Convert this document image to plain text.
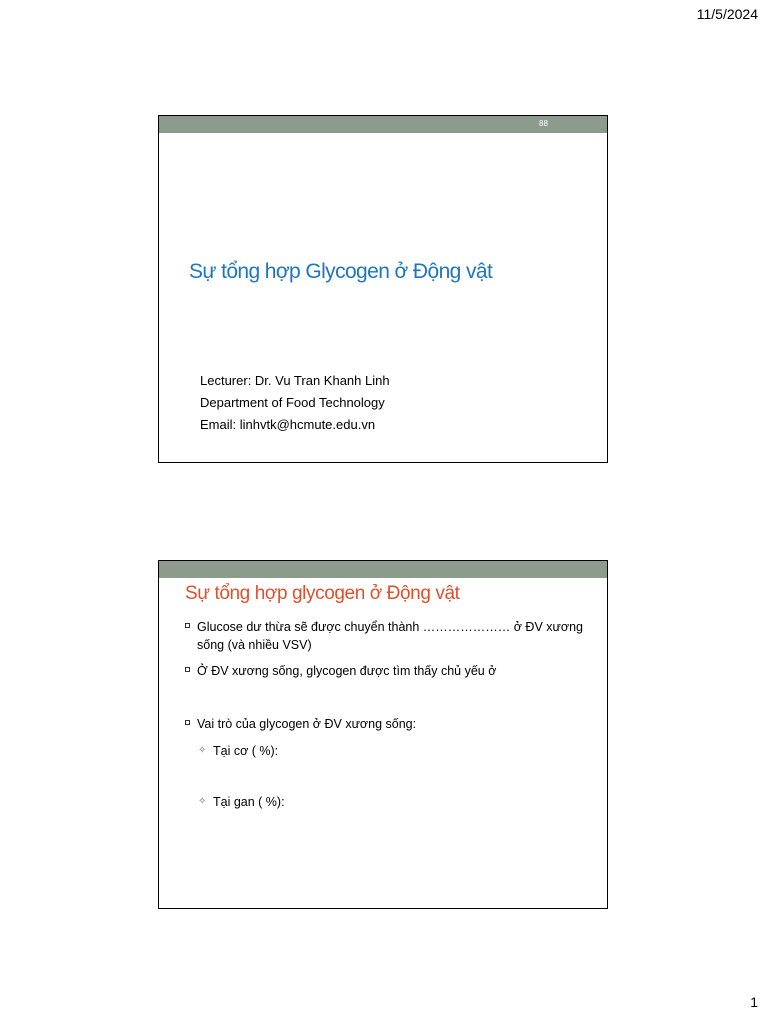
11/5/2024
88
Sự tổng hợp Glycogen ở Động vật
Lecturer: Dr. Vu Tran Khanh Linh
Department of Food Technology
Email: linhvtk@hcmute.edu.vn
Sự tổng hợp glycogen ở Động vật
Glucose dư thừa sẽ được chuyển thành ………………… ở ĐV xương
sống (và nhiều VSV)
Ở ĐV xương sống, glycogen được tìm thấy chủ yếu ở
Vai trò của glycogen ở ĐV xương sống:
✧ Tại cơ ( %):
✧ Tại gan ( %):
1
